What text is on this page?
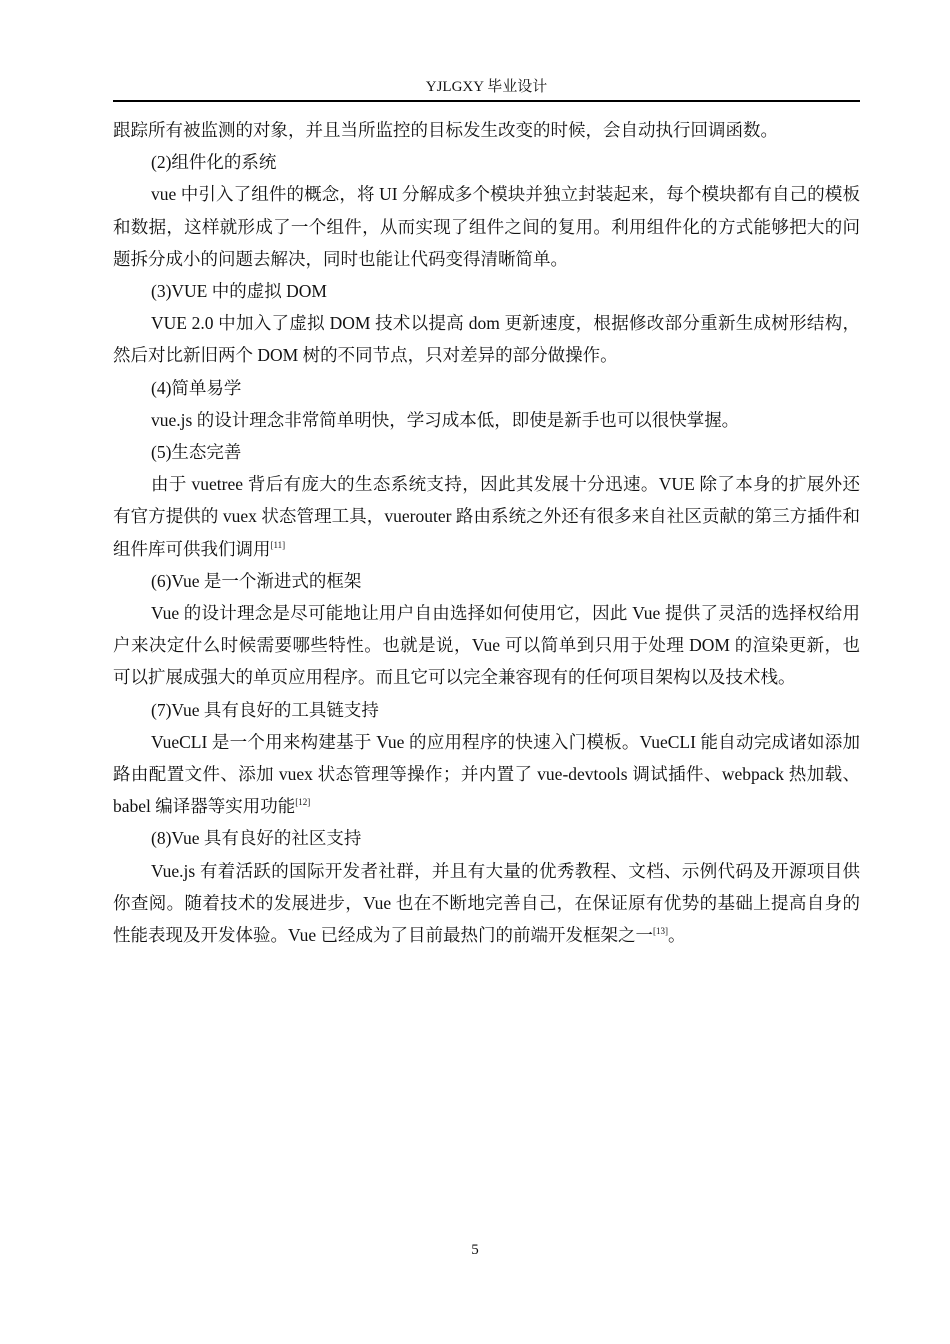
YJLGXY 毕业设计

跟踪所有被监测的对象，并且当所监控的目标发生改变的时候，会自动执行回调函数。

(2)组件化的系统

vue 中引入了组件的概念，将 UI 分解成多个模块并独立封装起来，每个模块都有自己的模板和数据，这样就形成了一个组件，从而实现了组件之间的复用。利用组件化的方式能够把大的问题拆分成小的问题去解决，同时也能让代码变得清晰简单。

(3)VUE 中的虚拟 DOM

VUE 2.0 中加入了虚拟 DOM 技术以提高 dom 更新速度，根据修改部分重新生成树形结构，然后对比新旧两个 DOM 树的不同节点，只对差异的部分做操作。

(4)简单易学

vue.js 的设计理念非常简单明快，学习成本低，即使是新手也可以很快掌握。

(5)生态完善

由于 vuetree 背后有庞大的生态系统支持，因此其发展十分迅速。VUE 除了本身的扩展外还有官方提供的 vuex 状态管理工具，vuerouter 路由系统之外还有很多来自社区贡献的第三方插件和组件库可供我们调用[11]

(6)Vue 是一个渐进式的框架

Vue 的设计理念是尽可能地让用户自由选择如何使用它，因此 Vue 提供了灵活的选择权给用户来决定什么时候需要哪些特性。也就是说，Vue 可以简单到只用于处理 DOM 的渲染更新，也可以扩展成强大的单页应用程序。而且它可以完全兼容现有的任何项目架构以及技术栈。

(7)Vue 具有良好的工具链支持

VueCLI 是一个用来构建基于 Vue 的应用程序的快速入门模板。VueCLI 能自动完成诸如添加路由配置文件、添加 vuex 状态管理等操作；并内置了 vue-devtools 调试插件、webpack 热加载、babel 编译器等实用功能[12]

(8)Vue 具有良好的社区支持

Vue.js 有着活跃的国际开发者社群，并且有大量的优秀教程、文档、示例代码及开源项目供你查阅。随着技术的发展进步，Vue 也在不断地完善自己，在保证原有优势的基础上提高自身的性能表现及开发体验。Vue 已经成为了目前最热门的前端开发框架之一[13]。

5
